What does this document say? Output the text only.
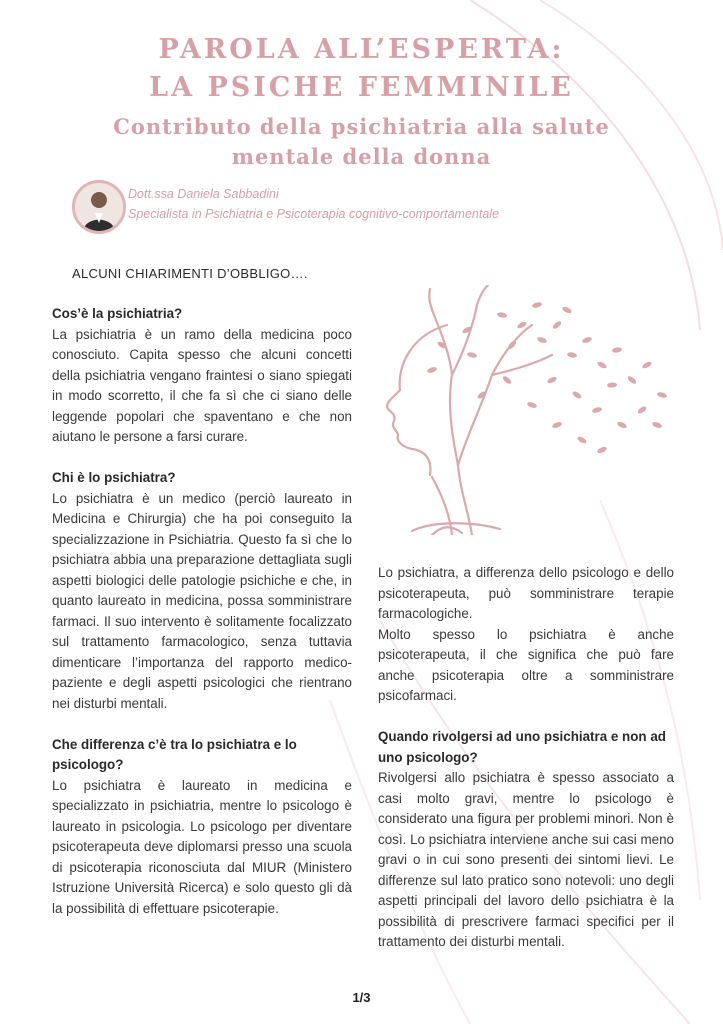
PAROLA ALL’ESPERTA:
LA PSICHE FEMMINILE
Contributo della psichiatria alla salute
mentale della donna
Dott.ssa Daniela Sabbadini
Specialista in Psichiatria e Psicoterapia cognitivo-comportamentale
ALCUNI CHIARIMENTI D’OBBLIGO….
Cos’è la psichiatria?

La psichiatria è un ramo della medicina poco conosciuto. Capita spesso che alcuni concetti della psichiatria vengano fraintesi o siano spiegati in modo scorretto, il che fa sì che ci siano delle leggende popolari che spaventano e che non aiutano le persone a farsi curare.

Chi è lo psichiatra?

Lo psichiatra è un medico (perciò laureato in Medicina e Chirurgia) che ha poi conseguito la specializzazione in Psichiatria. Questo fa sì che lo psichiatra abbia una preparazione dettagliata sugli aspetti biologici delle patologie psichiche e che, in quanto laureato in medicina, possa somministrare farmaci. Il suo intervento è solitamente focalizzato sul trattamento farmacologico, senza tuttavia dimenticare l’importanza del rapporto medico-paziente e degli aspetti psicologici che rientrano nei disturbi mentali.

Che differenza c’è tra lo psichiatra e lo psicologo?

Lo psichiatra è laureato in medicina e specializzato in psichiatria, mentre lo psicologo è laureato in psicologia. Lo psicologo per diventare psicoterapeuta deve diplomarsi presso una scuola di psicoterapia riconosciuta dal MIUR (Ministero Istruzione Università Ricerca) e solo questo gli dà la possibilità di effettuare psicoterapie.

Lo psichiatra, a differenza dello psicologo e dello psicoterapeuta, può somministrare terapie farmacologiche.

Molto spesso lo psichiatra è anche psicoterapeuta, il che significa che può fare anche psicoterapia oltre a somministrare psicofarmaci.

Quando rivolgersi ad uno psichiatra e non ad uno psicologo?

Rivolgersi allo psichiatra è spesso associato a casi molto gravi, mentre lo psicologo è considerato una figura per problemi minori. Non è così. Lo psichiatra interviene anche sui casi meno gravi o in cui sono presenti dei sintomi lievi. Le differenze sul lato pratico sono notevoli: uno degli aspetti principali del lavoro dello psichiatra è la possibilità di prescrivere farmaci specifici per il trattamento dei disturbi mentali.

1/3
